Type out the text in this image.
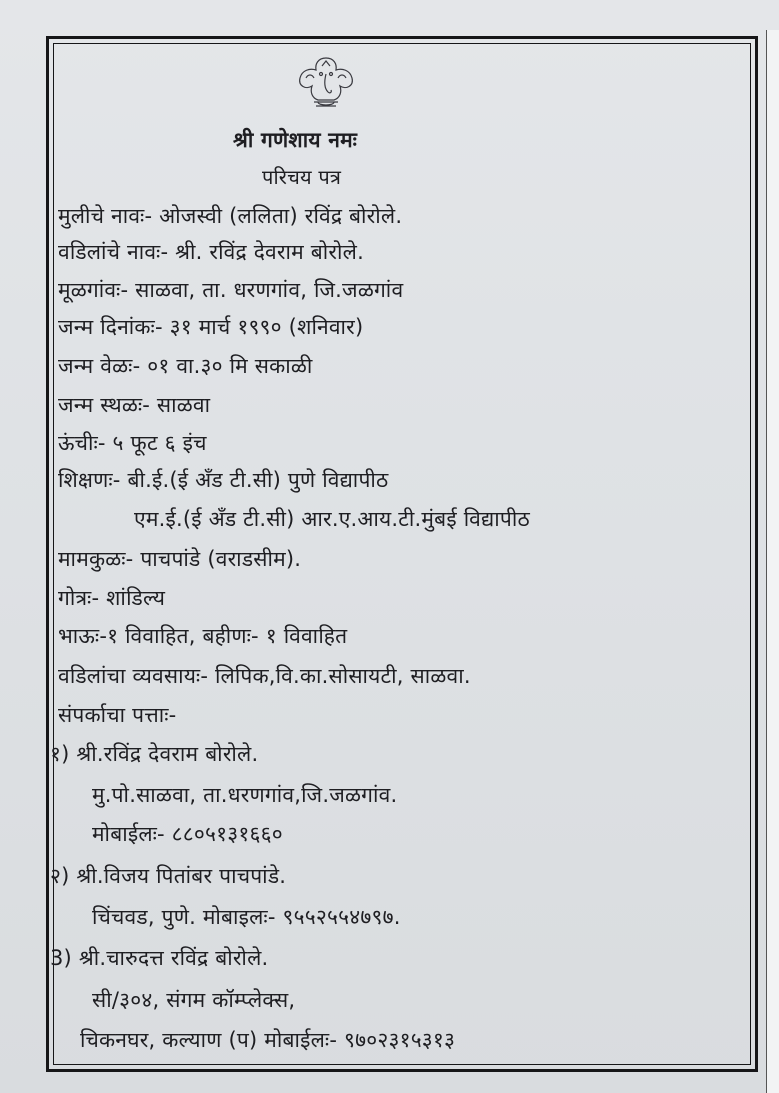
श्री गणेशाय नमः
परिचय पत्र
मुलीचे नावः- ओजस्वी (ललिता) रविंद्र बोरोले.
वडिलांचे नावः- श्री. रविंद्र देवराम बोरोले.
मूळगांवः- साळवा, ता. धरणगांव, जि.जळगांव
जन्म दिनांकः- ३१ मार्च १९९० (शनिवार)
जन्म वेळः- ०१ वा.३० मि सकाळी
जन्म स्थळः- साळवा
ऊंचीः- ५ फूट ६ इंच
शिक्षणः- बी.ई.(ई अँड टी.सी) पुणे विद्यापीठ
एम.ई.(ई अँड टी.सी) आर.ए.आय.टी.मुंबई विद्यापीठ
मामकुळः- पाचपांडे (वराडसीम).
गोत्रः- शांडिल्य
भाऊः-१ विवाहित, बहीणः- १ विवाहित
वडिलांचा व्यवसायः- लिपिक,वि.का.सोसायटी, साळवा.
संपर्काचा पत्ताः-
१) श्री.रविंद्र देवराम बोरोले.
मु.पो.साळवा, ता.धरणगांव,जि.जळगांव.
मोबाईलः- ८८०५१३१६६०
२) श्री.विजय पितांबर पाचपांडे.
चिंचवड, पुणे. मोबाइलः- ९५५२५५४७९७.
3) श्री.चारुदत्त रविंद्र बोरोले.
सी/३०४, संगम कॉम्प्लेक्स,
चिकनघर, कल्याण (प) मोबाईलः- ९७०२३१५३१३
